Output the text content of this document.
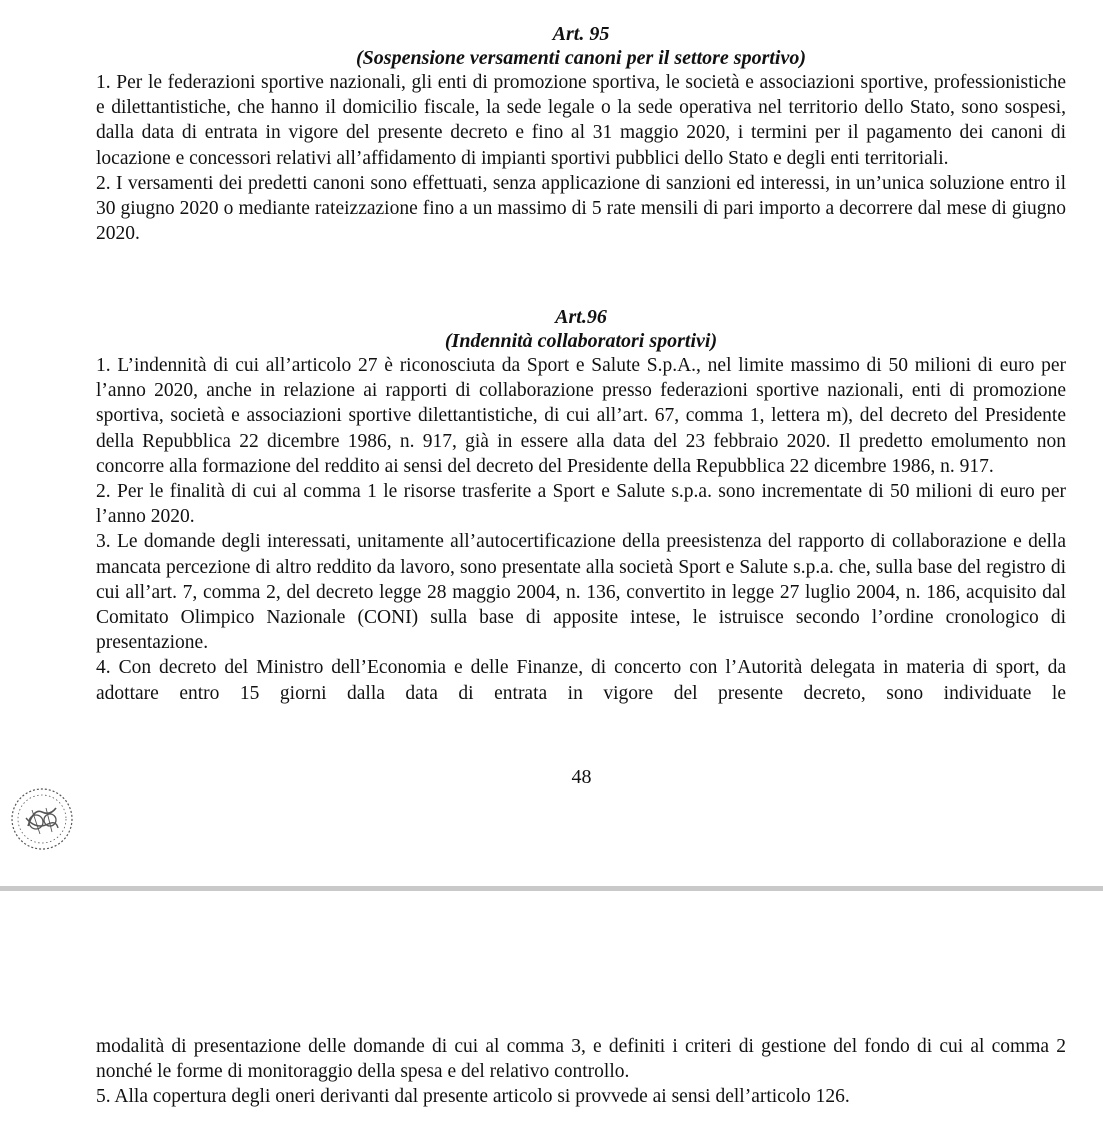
Art. 95

(Sospensione versamenti canoni per il settore sportivo)

1. Per le federazioni sportive nazionali, gli enti di promozione sportiva, le società e associazioni sportive, professionistiche e dilettantistiche, che hanno il domicilio fiscale, la sede legale o la sede operativa nel territorio dello Stato, sono sospesi, dalla data di entrata in vigore del presente decreto e fino al 31 maggio 2020, i termini per il pagamento dei canoni di locazione e concessori relativi all’affidamento di impianti sportivi pubblici dello Stato e degli enti territoriali.

2. I versamenti dei predetti canoni sono effettuati, senza applicazione di sanzioni ed interessi, in un’unica soluzione entro il 30 giugno 2020 o mediante rateizzazione fino a un massimo di 5 rate mensili di pari importo a decorrere dal mese di giugno 2020.

Art.96

(Indennità collaboratori sportivi)

1. L’indennità di cui all’articolo 27 è riconosciuta da Sport e Salute S.p.A., nel limite massimo di 50 milioni di euro per l’anno 2020, anche in relazione ai rapporti di collaborazione presso federazioni sportive nazionali, enti di promozione sportiva, società e associazioni sportive dilettantistiche, di cui all’art. 67, comma 1, lettera m), del decreto del Presidente della Repubblica 22 dicembre 1986, n. 917, già in essere alla data del 23 febbraio 2020. Il predetto emolumento non concorre alla formazione del reddito ai sensi del decreto del Presidente della Repubblica 22 dicembre 1986, n. 917.

2. Per le finalità di cui al comma 1 le risorse trasferite a Sport e Salute s.p.a. sono incrementate di 50 milioni di euro per l’anno 2020.

3. Le domande degli interessati, unitamente all’autocertificazione della preesistenza del rapporto di collaborazione e della mancata percezione di altro reddito da lavoro, sono presentate alla società Sport e Salute s.p.a. che, sulla base del registro di cui all’art. 7, comma 2, del decreto legge 28 maggio 2004, n. 136, convertito in legge 27 luglio 2004, n. 186, acquisito dal Comitato Olimpico Nazionale (CONI) sulla base di apposite intese, le istruisce secondo l’ordine cronologico di presentazione.

4. Con decreto del Ministro dell’Economia e delle Finanze, di concerto con l’Autorità delegata in materia di sport, da adottare entro 15 giorni dalla data di entrata in vigore del presente decreto, sono individuate le

48

modalità di presentazione delle domande di cui al comma 3, e definiti i criteri di gestione del fondo di cui al comma 2 nonché le forme di monitoraggio della spesa e del relativo controllo.

5. Alla copertura degli oneri derivanti dal presente articolo si provvede ai sensi dell’articolo 126.
